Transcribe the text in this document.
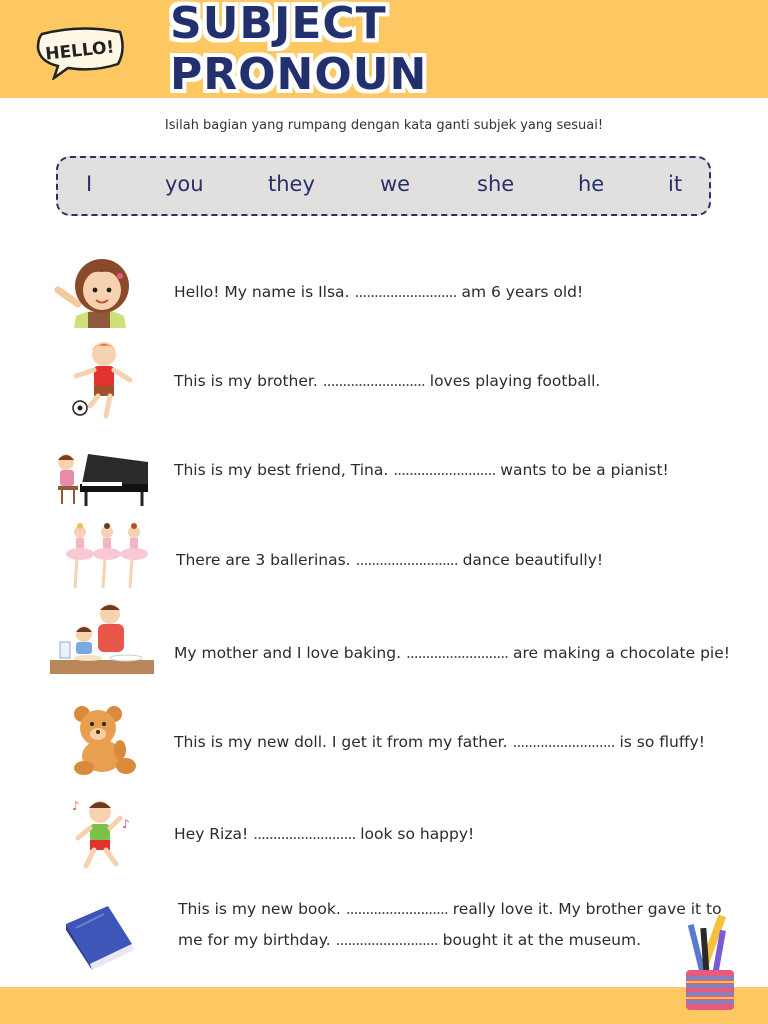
HELLO!
SUBJECT PRONOUN
Isilah bagian yang rumpang dengan kata ganti subjek yang sesuai!
I	you	they	we	she	he	it
Hello! My name is Ilsa. .......................... am 6 years old!
This is my brother. .......................... loves playing football.
This is my best friend, Tina. .......................... wants to be a pianist!
There are 3 ballerinas. .......................... dance beautifully!
My mother and I love baking. .......................... are making a chocolate pie!
This is my new doll. I get it from my father. .......................... is so fluffy!
♪
♪
Hey Riza! .......................... look so happy!
This is my new book. .......................... really love it. My brother gave it to
me for my birthday. .......................... bought it at the museum.
